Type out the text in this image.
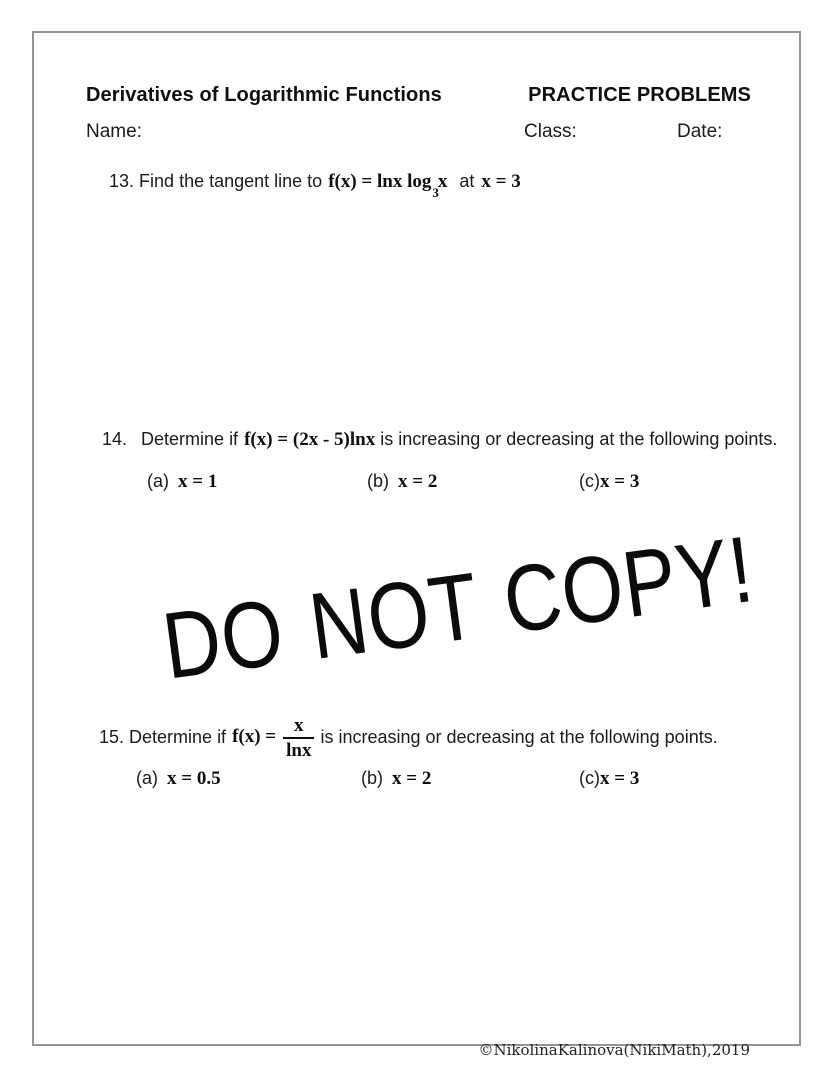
Derivatives of Logarithmic Functions	PRACTICE PROBLEMS
Name:	Class:	Date:
13. Find the tangent line to f(x) = lnx $\log_3x$ at x = 3
14. Determine if f(x) = (2x - 5)lnx is increasing or decreasing at the following points.
(a) x = 1	(b) x = 2	(c)x = 3
DO NOT COPY!
15. Determine if $f(x) = \frac{x}{\ln x}$ is increasing or decreasing at the following points.
(a) x = 0.5	(b) x = 2	(c)x = 3
©NikolinaKalinova(NikiMath),2019
